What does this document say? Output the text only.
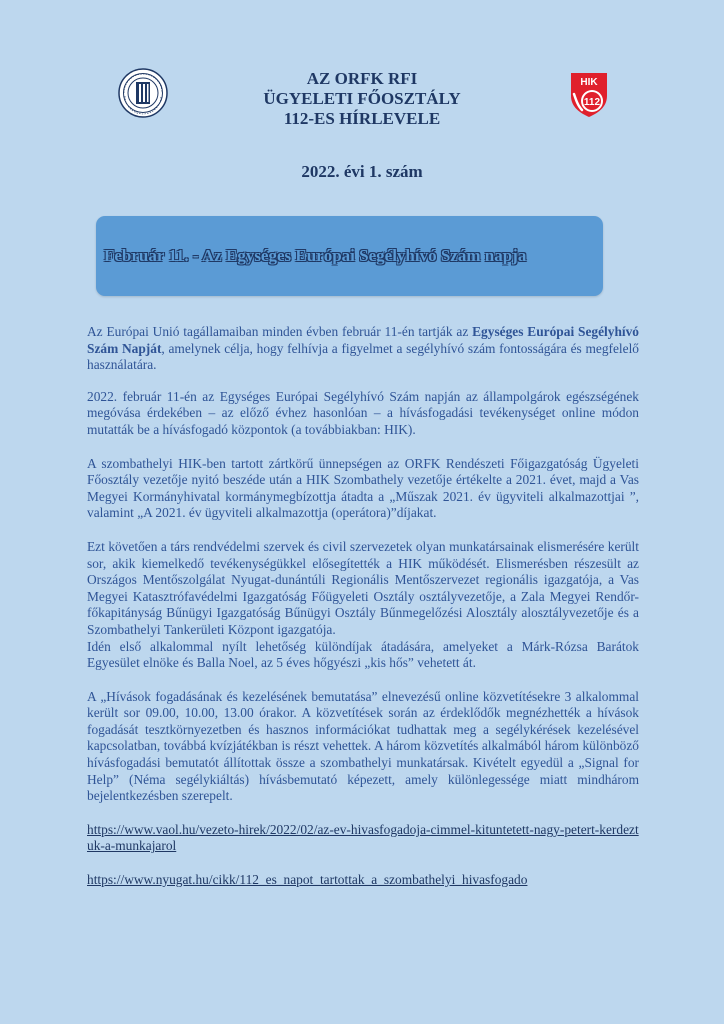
HIK
112
AZ ORFK RFI
ÜGYELETI FŐOSZTÁLY
112-ES HÍRLEVELE
2022. évi 1. szám
Február 11. - Az Egységes Európai Segélyhívó Szám napja

Az Európai Unió tagállamaiban minden évben február 11-én tartják az Egységes Európai Segélyhívó Szám Napját, amelynek célja, hogy felhívja a figyelmet a segélyhívó szám fontosságára és megfelelő használatára.

2022. február 11-én az Egységes Európai Segélyhívó Szám napján az állampolgárok egészségének megóvása érdekében – az előző évhez hasonlóan – a hívásfogadási tevékenységet online módon mutatták be a hívásfogadó központok (a továbbiakban: HIK).

A szombathelyi HIK-ben tartott zártkörű ünnepségen az ORFK Rendészeti Főigazgatóság Ügyeleti Főosztály vezetője nyitó beszéde után a HIK Szombathely vezetője értékelte a 2021. évet, majd a Vas Megyei Kormányhivatal kormánymegbízottja átadta a „Műszak 2021. év ügyviteli alkalmazottjai ”, valamint „A 2021. év ügyviteli alkalmazottja (operátora)”díjakat.

Ezt követően a társ rendvédelmi szervek és civil szervezetek olyan munkatársainak elismerésére került sor, akik kiemelkedő tevékenységükkel elősegítették a HIK működését. Elismerésben részesült az Országos Mentőszolgálat Nyugat-dunántúli Regionális Mentőszervezet regionális igazgatója, a Vas Megyei Katasztrófavédelmi Igazgatóság Főügyeleti Osztály osztályvezetője, a Zala Megyei Rendőr-főkapitányság Bűnügyi Igazgatóság Bűnügyi Osztály Bűnmegelőzési Alosztály alosztályvezetője és a Szombathelyi Tankerületi Központ igazgatója.

Idén első alkalommal nyílt lehetőség különdíjak átadására, amelyeket a Márk-Rózsa Barátok Egyesület elnöke és Balla Noel, az 5 éves hőgyészi „kis hős” vehetett át.

A „Hívások fogadásának és kezelésének bemutatása” elnevezésű online közvetítésekre 3 alkalommal került sor 09.00, 10.00, 13.00 órakor. A közvetítések során az érdeklődők megnézhették a hívások fogadását tesztkörnyezetben és hasznos információkat tudhattak meg a segélykérések kezelésével kapcsolatban, továbbá kvízjátékban is részt vehettek. A három közvetítés alkalmából három különböző hívásfogadási bemutatót állítottak össze a szombathelyi munkatársak. Kivételt egyedül a „Signal for Help” (Néma segélykiáltás) hívásbemutató képezett, amely különlegessége miatt mindhárom bejelentkezésben szerepelt.

https://www.vaol.hu/vezeto-hirek/2022/02/az-ev-hivasfogadoja-cimmel-kituntetett-nagy-petert-kerdeztuk-a-munkajarol

https://www.nyugat.hu/cikk/112_es_napot_tartottak_a_szombathelyi_hivasfogado
